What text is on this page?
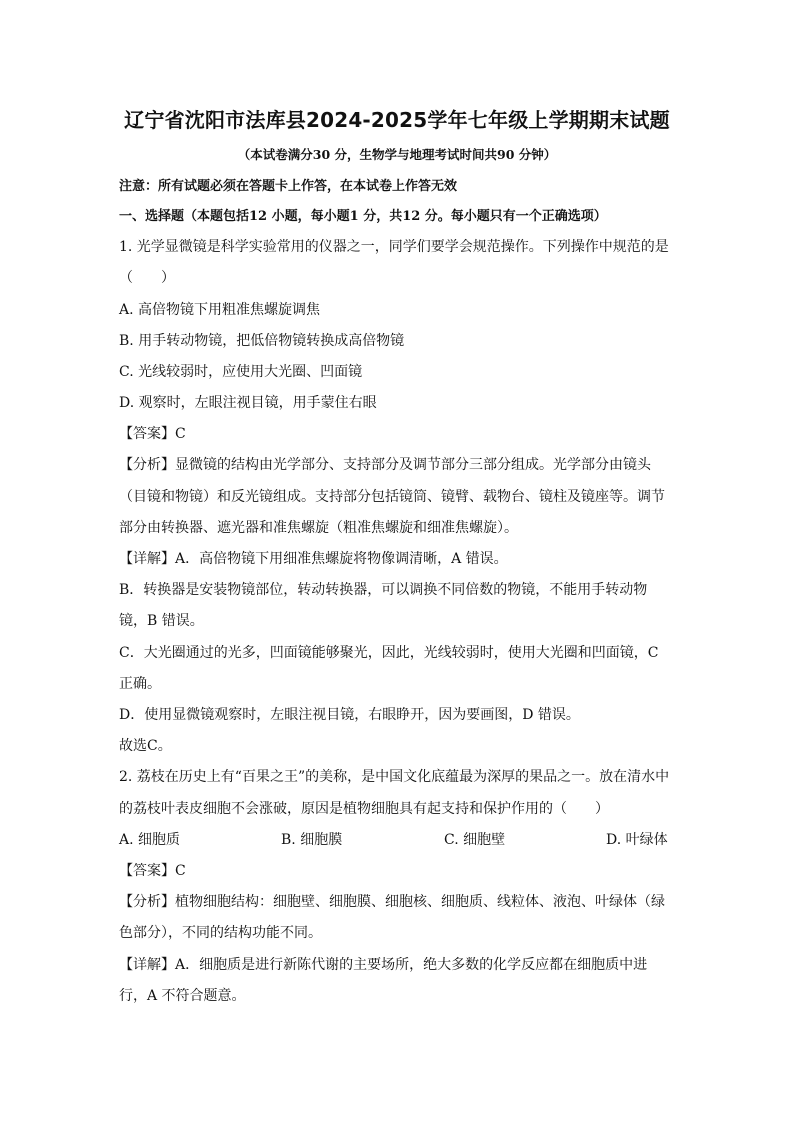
辽宁省沈阳市法库县2024-2025学年七年级上学期期末试题
（本试卷满分30 分，生物学与地理考试时间共90 分钟）
注意：所有试题必须在答题卡上作答，在本试卷上作答无效
一、选择题（本题包括12 小题，每小题1 分，共12 分。每小题只有一个正确选项）
1. 光学显微镜是科学实验常用的仪器之一，同学们要学会规范操作。下列操作中规范的是
（　　）
A. 高倍物镜下用粗准焦螺旋调焦
B. 用手转动物镜，把低倍物镜转换成高倍物镜
C. 光线较弱时，应使用大光圈、凹面镜
D. 观察时，左眼注视目镜，用手蒙住右眼
【答案】C
【分析】显微镜的结构由光学部分、支持部分及调节部分三部分组成。光学部分由镜头
（目镜和物镜）和反光镜组成。支持部分包括镜筒、镜臂、载物台、镜柱及镜座等。调节
部分由转换器、遮光器和准焦螺旋（粗准焦螺旋和细准焦螺旋）。
【详解】A．高倍物镜下用细准焦螺旋将物像调清晰，A 错误。
B．转换器是安装物镜部位，转动转换器，可以调换不同倍数的物镜，不能用手转动物
镜，B 错误。
C．大光圈通过的光多，凹面镜能够聚光，因此，光线较弱时，使用大光圈和凹面镜，C
正确。
D．使用显微镜观察时，左眼注视目镜，右眼睁开，因为要画图，D 错误。
故选C。
2. 荔枝在历史上有“百果之王”的美称，是中国文化底蕴最为深厚的果品之一。放在清水中
的荔枝叶表皮细胞不会涨破，原因是植物细胞具有起支持和保护作用的（　　）
A. 细胞质	B. 细胞膜	C. 细胞壁	D. 叶绿体
【答案】C
【分析】植物细胞结构：细胞壁、细胞膜、细胞核、细胞质、线粒体、液泡、叶绿体（绿
色部分），不同的结构功能不同。
【详解】A．细胞质是进行新陈代谢的主要场所，绝大多数的化学反应都在细胞质中进
行，A 不符合题意。
